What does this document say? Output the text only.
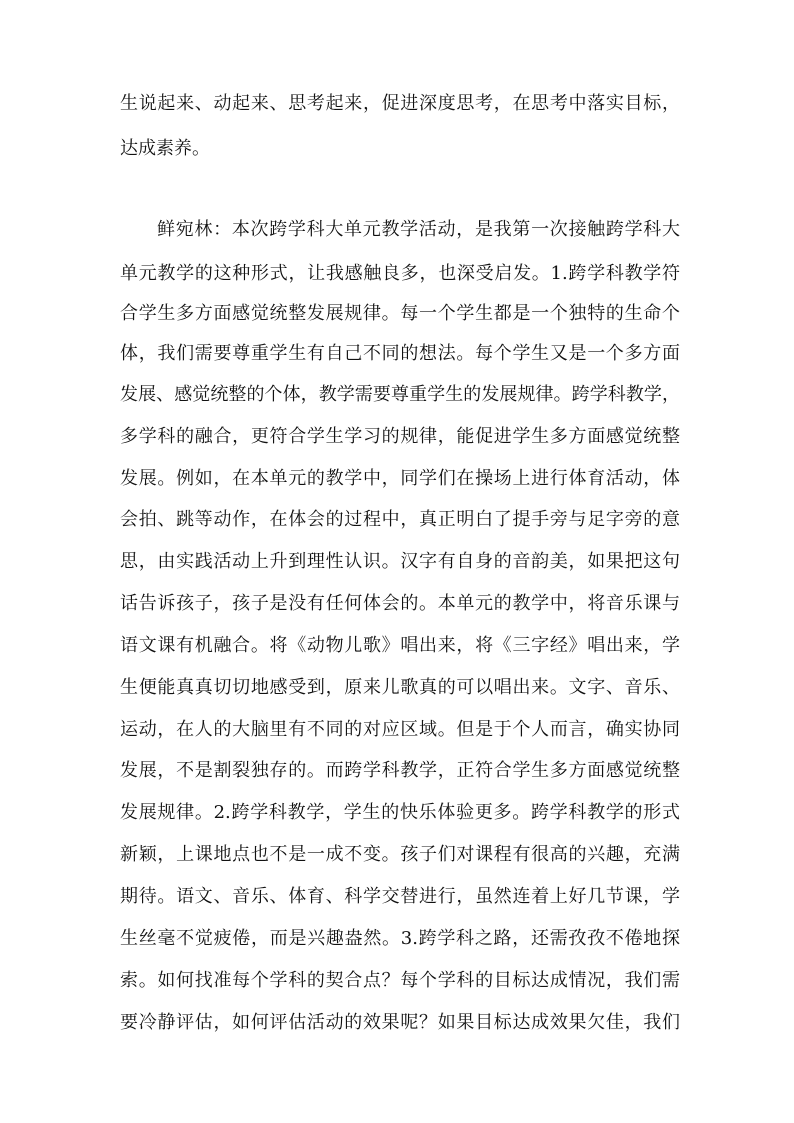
生说起来、动起来、思考起来，促进深度思考，在思考中落实目标，
达成素养。
鲜宛林：本次跨学科大单元教学活动，是我第一次接触跨学科大
单元教学的这种形式，让我感触良多，也深受启发。1.跨学科教学符
合学生多方面感觉统整发展规律。每一个学生都是一个独特的生命个
体，我们需要尊重学生有自己不同的想法。每个学生又是一个多方面
发展、感觉统整的个体，教学需要尊重学生的发展规律。跨学科教学，
多学科的融合，更符合学生学习的规律，能促进学生多方面感觉统整
发展。例如，在本单元的教学中，同学们在操场上进行体育活动，体
会拍、跳等动作，在体会的过程中，真正明白了提手旁与足字旁的意
思，由实践活动上升到理性认识。汉字有自身的音韵美，如果把这句
话告诉孩子，孩子是没有任何体会的。本单元的教学中，将音乐课与
语文课有机融合。将《动物儿歌》唱出来，将《三字经》唱出来，学
生便能真真切切地感受到，原来儿歌真的可以唱出来。文字、音乐、
运动，在人的大脑里有不同的对应区域。但是于个人而言，确实协同
发展，不是割裂独存的。而跨学科教学，正符合学生多方面感觉统整
发展规律。2.跨学科教学，学生的快乐体验更多。跨学科教学的形式
新颖，上课地点也不是一成不变。孩子们对课程有很高的兴趣，充满
期待。语文、音乐、体育、科学交替进行，虽然连着上好几节课，学
生丝毫不觉疲倦，而是兴趣盎然。3.跨学科之路，还需孜孜不倦地探
索。如何找准每个学科的契合点？每个学科的目标达成情况，我们需
要冷静评估，如何评估活动的效果呢？如果目标达成效果欠佳，我们
